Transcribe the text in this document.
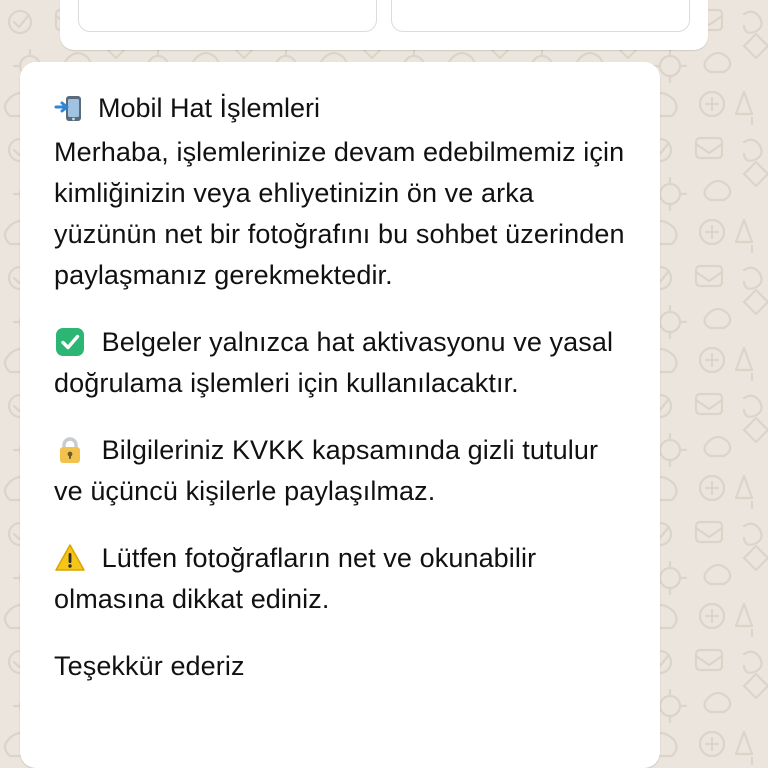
Mobil Hat İşlemleri
Merhaba, işlemlerinize devam edebilmemiz için kimliğinizin veya ehliyetinizin ön ve arka yüzünün net bir fotoğrafını bu sohbet üzerinden paylaşmanız gerekmektedir.
Belgeler yalnızca hat aktivasyonu ve yasal doğrulama işlemleri için kullanılacaktır.
Bilgileriniz KVKK kapsamında gizli tutulur ve üçüncü kişilerle paylaşılmaz.
Lütfen fotoğrafların net ve okunabilir olmasına dikkat ediniz.
Teşekkür ederiz
